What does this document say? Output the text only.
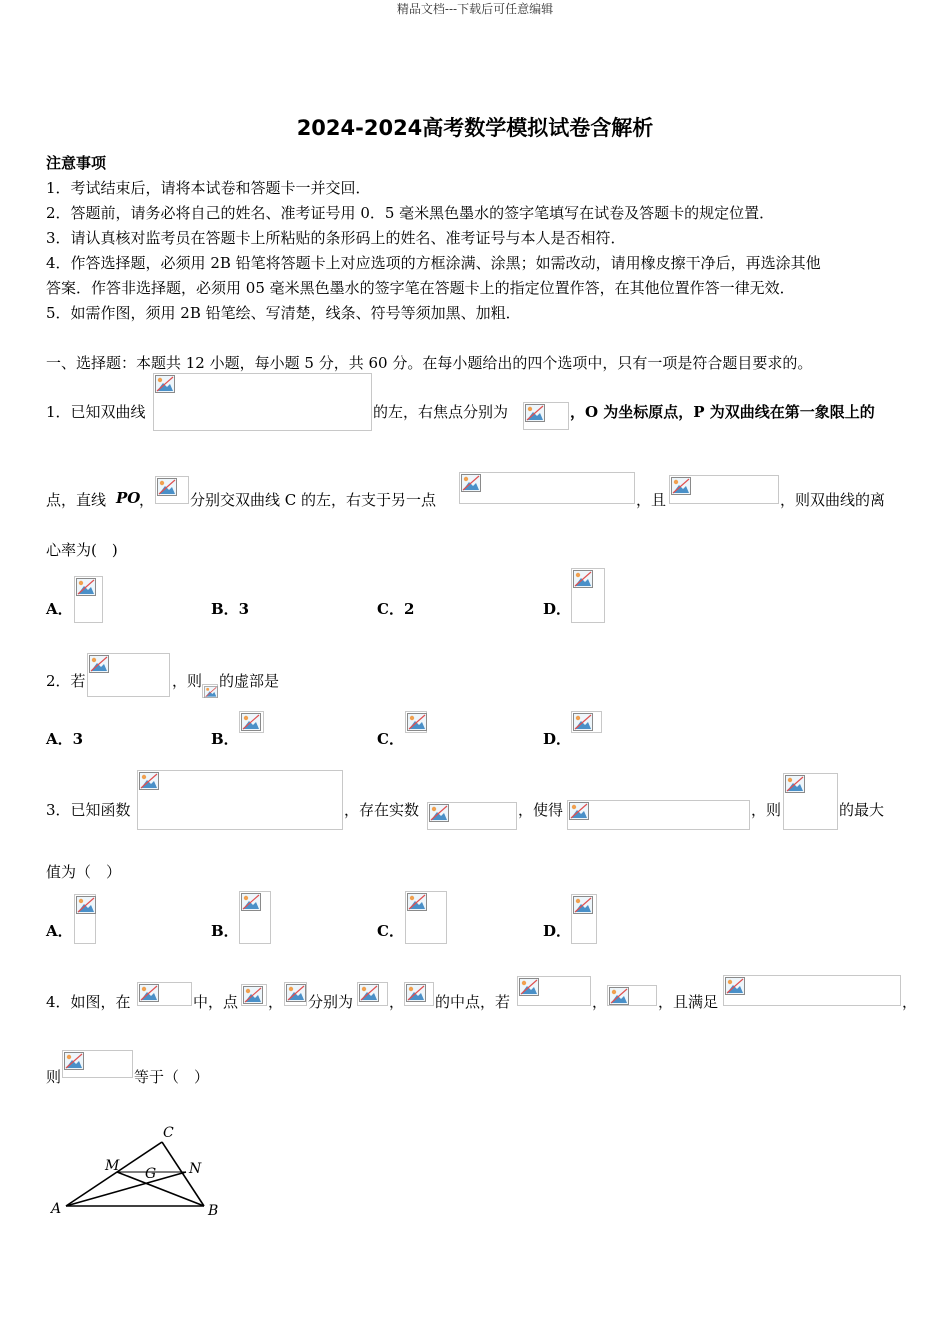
精品文档---下载后可任意编辑
2024-2024高考数学模拟试卷含解析
注意事项
1．考试结束后，请将本试卷和答题卡一并交回．
2．答题前，请务必将自己的姓名、准考证号用 0．5 毫米黑色墨水的签字笔填写在试卷及答题卡的规定位置．
3．请认真核对监考员在答题卡上所粘贴的条形码上的姓名、准考证号与本人是否相符．
4．作答选择题，必须用 2B 铅笔将答题卡上对应选项的方框涂满、涂黑；如需改动，请用橡皮擦干净后，再选涂其他
答案．作答非选择题，必须用 05 毫米黑色墨水的签字笔在答题卡上的指定位置作答，在其他位置作答一律无效．
5．如需作图，须用 2B 铅笔绘、写清楚，线条、符号等须加黑、加粗．
一、选择题：本题共 12 小题，每小题 5 分，共 60 分。在每小题给出的四个选项中，只有一项是符合题目要求的。
1．已知双曲线	的左，右焦点分别为	，O 为坐标原点，P 为双曲线在第一象限上的
点，直线 PO
， 分别交双曲线 C 的左，右支于另一点	，且	，则双曲线的离
心率为(　)
A．	B．3	C．2	D．
2．若	，则 的虚部是
A．3	B．	C．	D．
3．已知函数	，存在实数	，使得	，则	的最大
值为（　）
A．	B．	C．	D．
4．如图，在	中，点 ， 分别为 ， 的中点，若	，	，且满足	，
则	等于（　）
C
M G N
A	B
